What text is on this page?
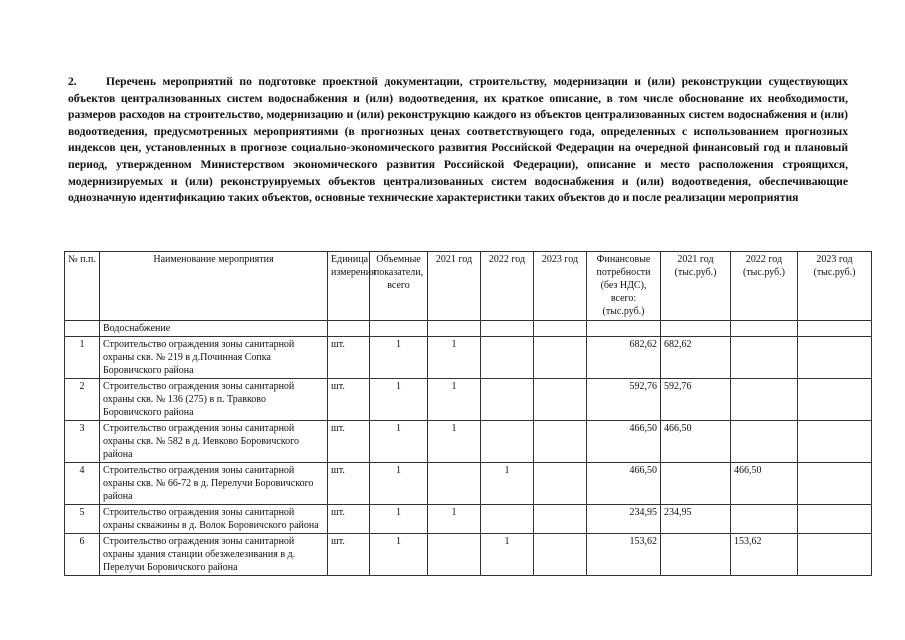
2.	Перечень мероприятий по подготовке проектной документации, строительству, модернизации и (или) реконструкции существующих объектов централизованных систем водоснабжения и (или) водоотведения, их краткое описание, в том числе обоснование их необходимости, размеров расходов на строительство, модернизацию и (или) реконструкцию каждого из объектов централизованных систем водоснабжения и (или) водоотведения, предусмотренных мероприятиями (в прогнозных ценах соответствующего года, определенных с использованием прогнозных индексов цен, установленных в прогнозе социально-экономического развития Российской Федерации на очередной финансовый год и плановый период, утвержденном Министерством экономического развития Российской Федерации), описание и место расположения строящихся, модернизируемых и (или) реконструируемых объектов централизованных систем водоснабжения и (или) водоотведения, обеспечивающие однозначную идентификацию таких объектов, основные технические характеристики таких объектов до и после реализации мероприятия
№ п.п.	Наименование мероприятия	Единица измерения	Объемные показатели, всего	2021 год	2022 год	2023 год	Финансовые потребности (без НДС), всего: (тыс.руб.)	2021 год (тыс.руб.)	2022 год (тыс.руб.)	2023 год (тыс.руб.)
	Водоснабжение									
1	Строительство ограждения зоны санитарной охраны скв. № 219 в д.Починная Сопка Боровичского района	шт.	1	1			682,62	682,62		
2	Строительство ограждения зоны санитарной охраны скв. № 136 (275) в п. Травково Боровичского района	шт.	1	1			592,76	592,76		
3	Строительство ограждения зоны санитарной охраны скв. № 582 в д. Иевково Боровичского района	шт.	1	1			466,50	466,50		
4	Строительство ограждения зоны санитарной охраны скв. № 66-72 в д. Перелучи Боровичского района	шт.	1		1		466,50		466,50	
5	Строительство ограждения зоны санитарной охраны скважины в д. Волок Боровичского района	шт.	1	1			234,95	234,95		
6	Строительство ограждения зоны санитарной охраны здания станции обезжелезивания в д. Перелучи Боровичского района	шт.	1		1		153,62		153,62	
